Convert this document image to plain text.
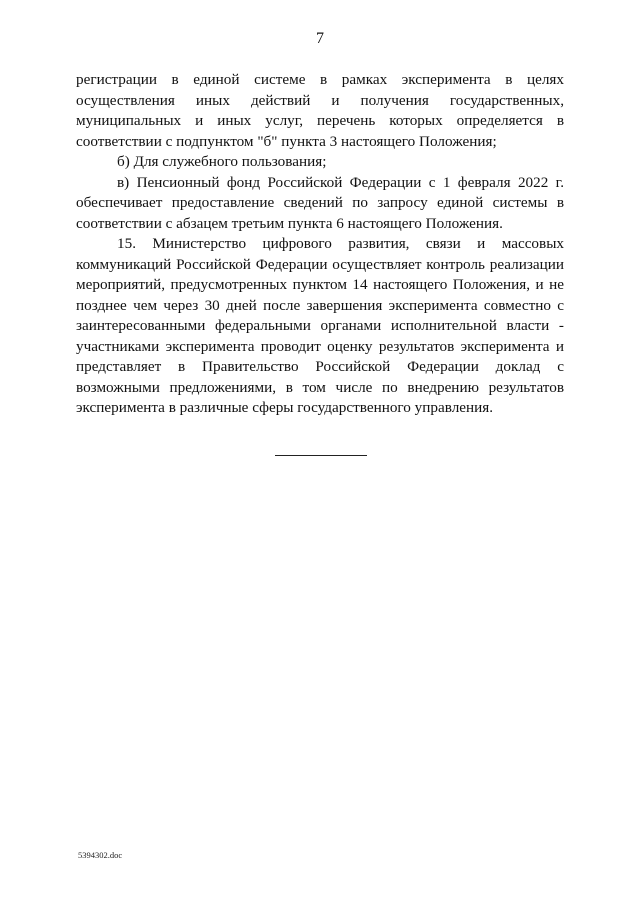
7

регистрации в единой системе в рамках эксперимента в целях осуществления иных действий и получения государственных, муниципальных и иных услуг, перечень которых определяется в соответствии с подпунктом "б" пункта 3 настоящего Положения;

б) Для служебного пользования;

в) Пенсионный фонд Российской Федерации с 1 февраля 2022 г. обеспечивает предоставление сведений по запросу единой системы в соответствии с абзацем третьим пункта 6 настоящего Положения.

15. Министерство цифрового развития, связи и массовых коммуникаций Российской Федерации осуществляет контроль реализации мероприятий, предусмотренных пунктом 14 настоящего Положения, и не позднее чем через 30 дней после завершения эксперимента совместно с заинтересованными федеральными органами исполнительной власти - участниками эксперимента проводит оценку результатов эксперимента и представляет в Правительство Российской Федерации доклад с возможными предложениями, в том числе по внедрению результатов эксперимента в различные сферы государственного управления.

5394302.doc
